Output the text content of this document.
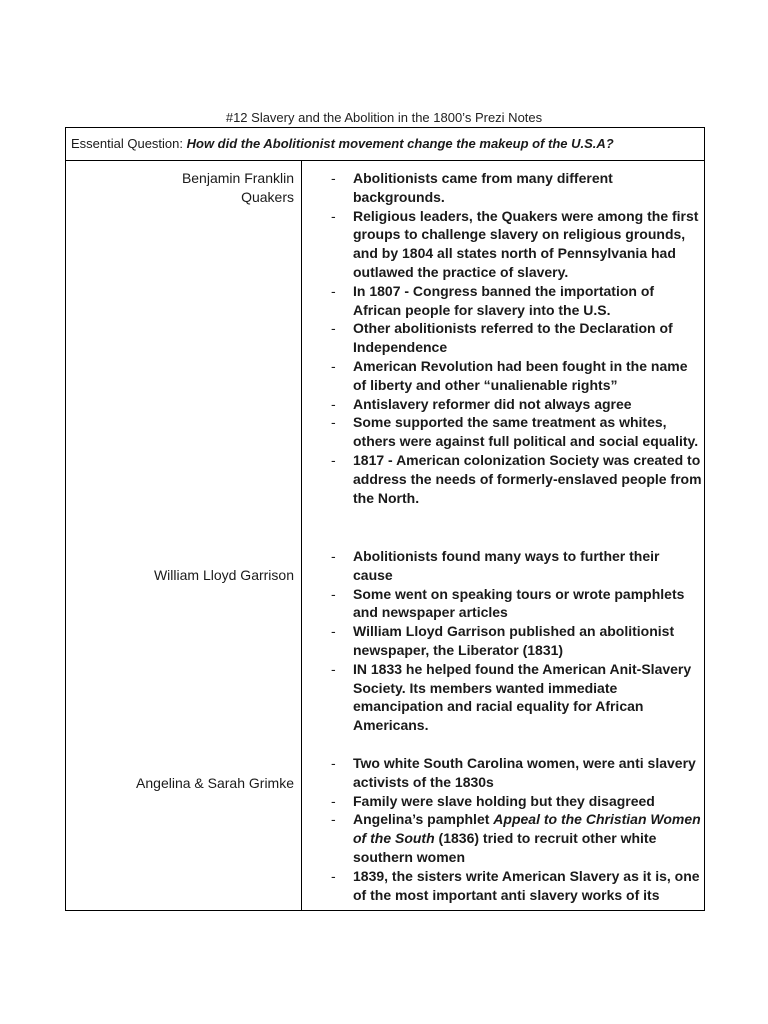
#12 Slavery and the Abolition in the 1800’s Prezi Notes
Essential Question: How did the Abolitionist movement change the makeup of the U.S.A?
Benjamin Franklin
Quakers
William Lloyd Garrison
Angelina & Sarah Grimke
- Abolitionists came from many different backgrounds.
- Religious leaders, the Quakers were among the first groups to challenge slavery on religious grounds, and by 1804 all states north of Pennsylvania had outlawed the practice of slavery.
- In 1807 - Congress banned the importation of African people for slavery into the U.S.
- Other abolitionists referred to the Declaration of Independence
- American Revolution had been fought in the name of liberty and other “unalienable rights”
- Antislavery reformer did not always agree
- Some supported the same treatment as whites, others were against full political and social equality.
- 1817 - American colonization Society was created to address the needs of formerly-enslaved people from the North.
- Abolitionists found many ways to further their cause
- Some went on speaking tours or wrote pamphlets and newspaper articles
- William Lloyd Garrison published an abolitionist newspaper, the Liberator (1831)
- IN 1833 he helped found the American Anit-Slavery Society. Its members wanted immediate emancipation and racial equality for African Americans.
- Two white South Carolina women, were anti slavery activists of the 1830s
- Family were slave holding but they disagreed
- Angelina’s pamphlet Appeal to the Christian Women of the South (1836) tried to recruit other white southern women
- 1839, the sisters write American Slavery as it is, one of the most important anti slavery works of its
